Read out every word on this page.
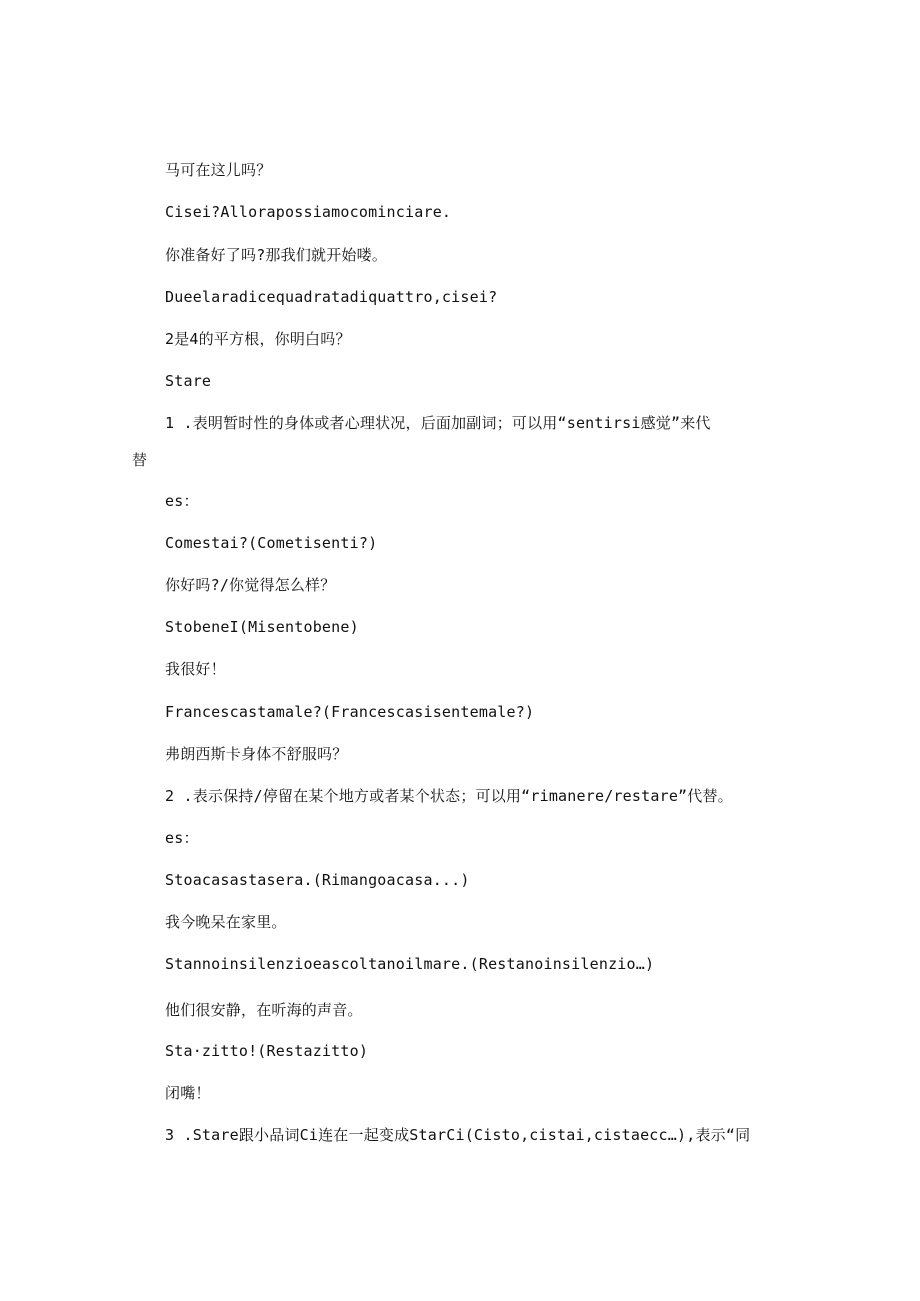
马可在这儿吗？
Cisei?Allorapossiamocominciare.
你准备好了吗?那我们就开始喽。
Dueelaradicequadratadiquattro,cisei?
2是4的平方根，你明白吗？
Stare
1 .表明暂时性的身体或者心理状况，后面加副词；可以用“sentirsi感觉”来代
替
es：
Comestai?(Cometisenti?)
你好吗?/你觉得怎么样？
StobeneI(Misentobene)
我很好！
Francescastamale?(Francescasisentemale?)
弗朗西斯卡身体不舒服吗？
2 .表示保持/停留在某个地方或者某个状态；可以用“rimanere/restare”代替。
es：
Stoacasastasera.(Rimangoacasa...)
我今晚呆在家里。
Stannoinsilenzioeascoltanoilmare.(Restanoinsilenzio…)
他们很安静，在听海的声音。
Sta·zitto!(Restazitto)
闭嘴！
3 .Stare跟小品词Ci连在一起变成StarCi(Cisto,cistai,cistaecc…),表示“同
